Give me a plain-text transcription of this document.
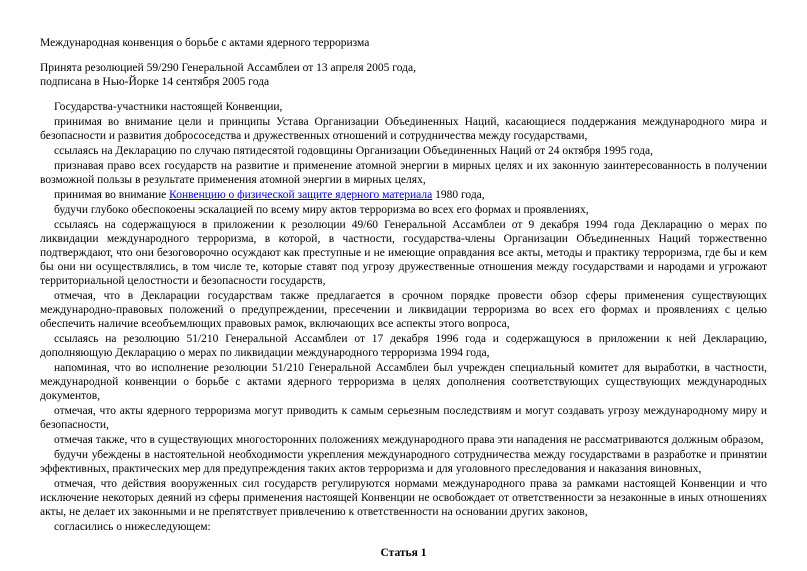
Международная конвенция о борьбе с актами ядерного терроризма
Принята резолюцией 59/290 Генеральной Ассамблеи от 13 апреля 2005 года,
подписана в Нью-Йорке 14 сентября 2005 года

Государства-участники настоящей Конвенции,

принимая во внимание цели и принципы Устава Организации Объединенных Наций, касающиеся поддержания международного мира и безопасности и развития добрососедства и дружественных отношений и сотрудничества между государствами,

ссылаясь на Декларацию по случаю пятидесятой годовщины Организации Объединенных Наций от 24 октября 1995 года,

признавая право всех государств на развитие и применение атомной энергии в мирных целях и их законную заинтересованность в получении возможной пользы в результате применения атомной энергии в мирных целях,

принимая во внимание Конвенцию о физической защите ядерного материала 1980 года,

будучи глубоко обеспокоены эскалацией по всему миру актов терроризма во всех его формах и проявлениях,

ссылаясь на содержащуюся в приложении к резолюции 49/60 Генеральной Ассамблеи от 9 декабря 1994 года Декларацию о мерах по ликвидации международного терроризма, в которой, в частности, государства-члены Организации Объединенных Наций торжественно подтверждают, что они безоговорочно осуждают как преступные и не имеющие оправдания все акты, методы и практику терроризма, где бы и кем бы они ни осуществлялись, в том числе те, которые ставят под угрозу дружественные отношения между государствами и народами и угрожают территориальной целостности и безопасности государств,

отмечая, что в Декларации государствам также предлагается в срочном порядке провести обзор сферы применения существующих международно-правовых положений о предупреждении, пресечении и ликвидации терроризма во всех его формах и проявлениях с целью обеспечить наличие всеобъемлющих правовых рамок, включающих все аспекты этого вопроса,

ссылаясь на резолюцию 51/210 Генеральной Ассамблеи от 17 декабря 1996 года и содержащуюся в приложении к ней Декларацию, дополняющую Декларацию о мерах по ликвидации международного терроризма 1994 года,

напоминая, что во исполнение резолюции 51/210 Генеральной Ассамблеи был учрежден специальный комитет для выработки, в частности, международной конвенции о борьбе с актами ядерного терроризма в целях дополнения соответствующих существующих международных документов,

отмечая, что акты ядерного терроризма могут приводить к самым серьезным последствиям и могут создавать угрозу международному миру и безопасности,

отмечая также, что в существующих многосторонних положениях международного права эти нападения не рассматриваются должным образом,

будучи убеждены в настоятельной необходимости укрепления международного сотрудничества между государствами в разработке и принятии эффективных, практических мер для предупреждения таких актов терроризма и для уголовного преследования и наказания виновных,

отмечая, что действия вооруженных сил государств регулируются нормами международного права за рамками настоящей Конвенции и что исключение некоторых деяний из сферы применения настоящей Конвенции не освобождает от ответственности за незаконные в иных отношениях акты, не делает их законными и не препятствует привлечению к ответственности на основании других законов,

согласились о нижеследующем:

Статья 1
